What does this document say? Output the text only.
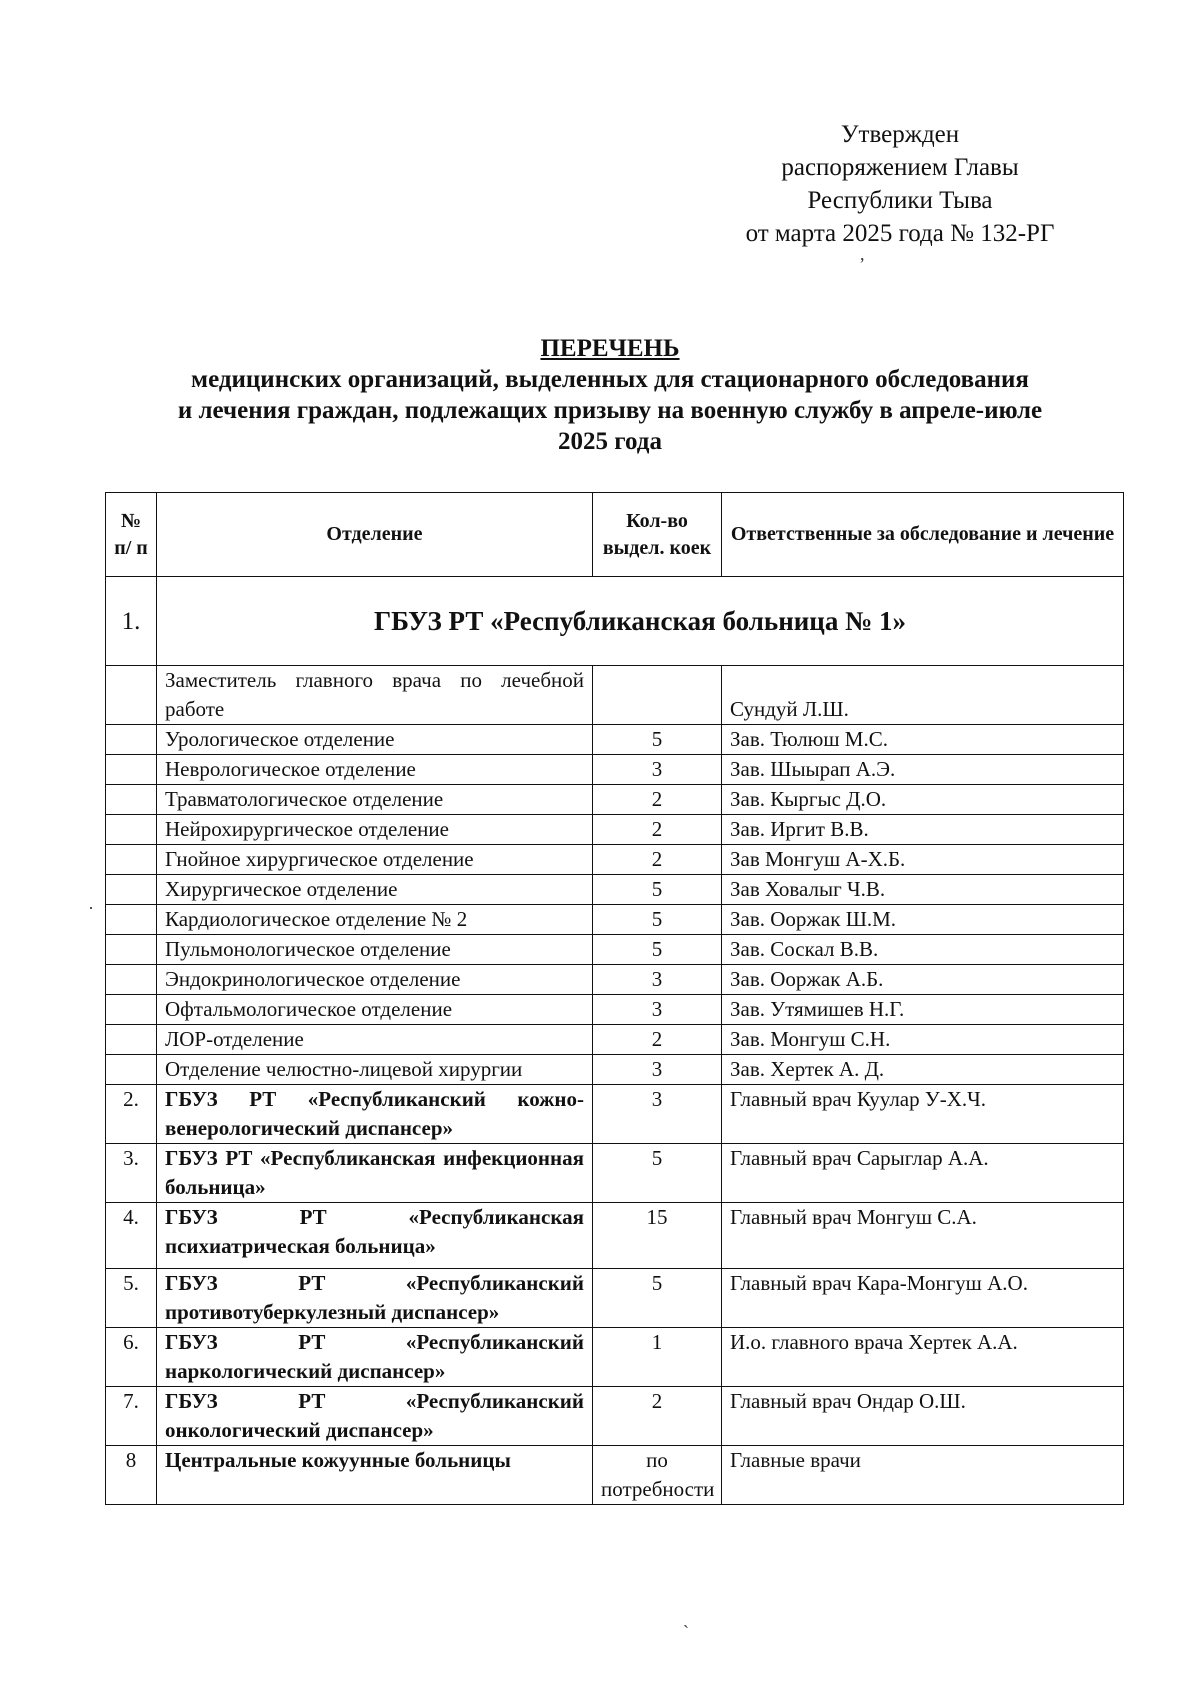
Утвержден
распоряжением Главы
Республики Тыва
от марта 2025 года № 132-РГ
,
·
ˋ
ПЕРЕЧЕНЬ
медицинских организаций, выделенных для стационарного обследования
и лечения граждан, подлежащих призыву на военную службу в апреле-июле
2025 года
№ п/ п	Отделение	Кол-во выдел. коек	Ответственные за обследование и лечение
1.	ГБУЗ РТ «Республиканская больница № 1»		
	Заместитель главного врача по лечебной работе		Сундуй Л.Ш.
	Урологическое отделение	5	Зав. Тюлюш М.С.
	Неврологическое отделение	3	Зав. Шыырап А.Э.
	Травматологическое отделение	2	Зав. Кыргыс Д.О.
	Нейрохирургическое отделение	2	Зав. Иргит В.В.
	Гнойное хирургическое отделение	2	Зав Монгуш А-Х.Б.
	Хирургическое отделение	5	Зав Ховалыг Ч.В.
	Кардиологическое отделение № 2	5	Зав. Ооржак Ш.М.
	Пульмонологическое отделение	5	Зав. Соскал В.В.
	Эндокринологическое отделение	3	Зав. Ооржак А.Б.
	Офтальмологическое отделение	3	Зав. Утямишев Н.Г.
	ЛОР-отделение	2	Зав. Монгуш С.Н.
	Отделение челюстно-лицевой хирургии	3	Зав. Хертек А. Д.
2.	ГБУЗ РТ «Республиканский кожно-венерологический диспансер»	3	Главный врач Куулар У-Х.Ч.
3.	ГБУЗ РТ «Республиканская инфекционная больница»	5	Главный врач Сарыглар А.А.
4.	ГБУЗ РТ «Республиканская психиатрическая больница»	15	Главный врач Монгуш С.А.
5.	ГБУЗ РТ «Республиканский противотуберкулезный диспансер»	5	Главный врач Кара-Монгуш А.О.
6.	ГБУЗ РТ «Республиканский наркологический диспансер»	1	И.о. главного врача Хертек А.А.
7.	ГБУЗ РТ «Республиканский онкологический диспансер»	2	Главный врач Ондар О.Ш.
8	Центральные кожуунные больницы	по потребности	Главные врачи
